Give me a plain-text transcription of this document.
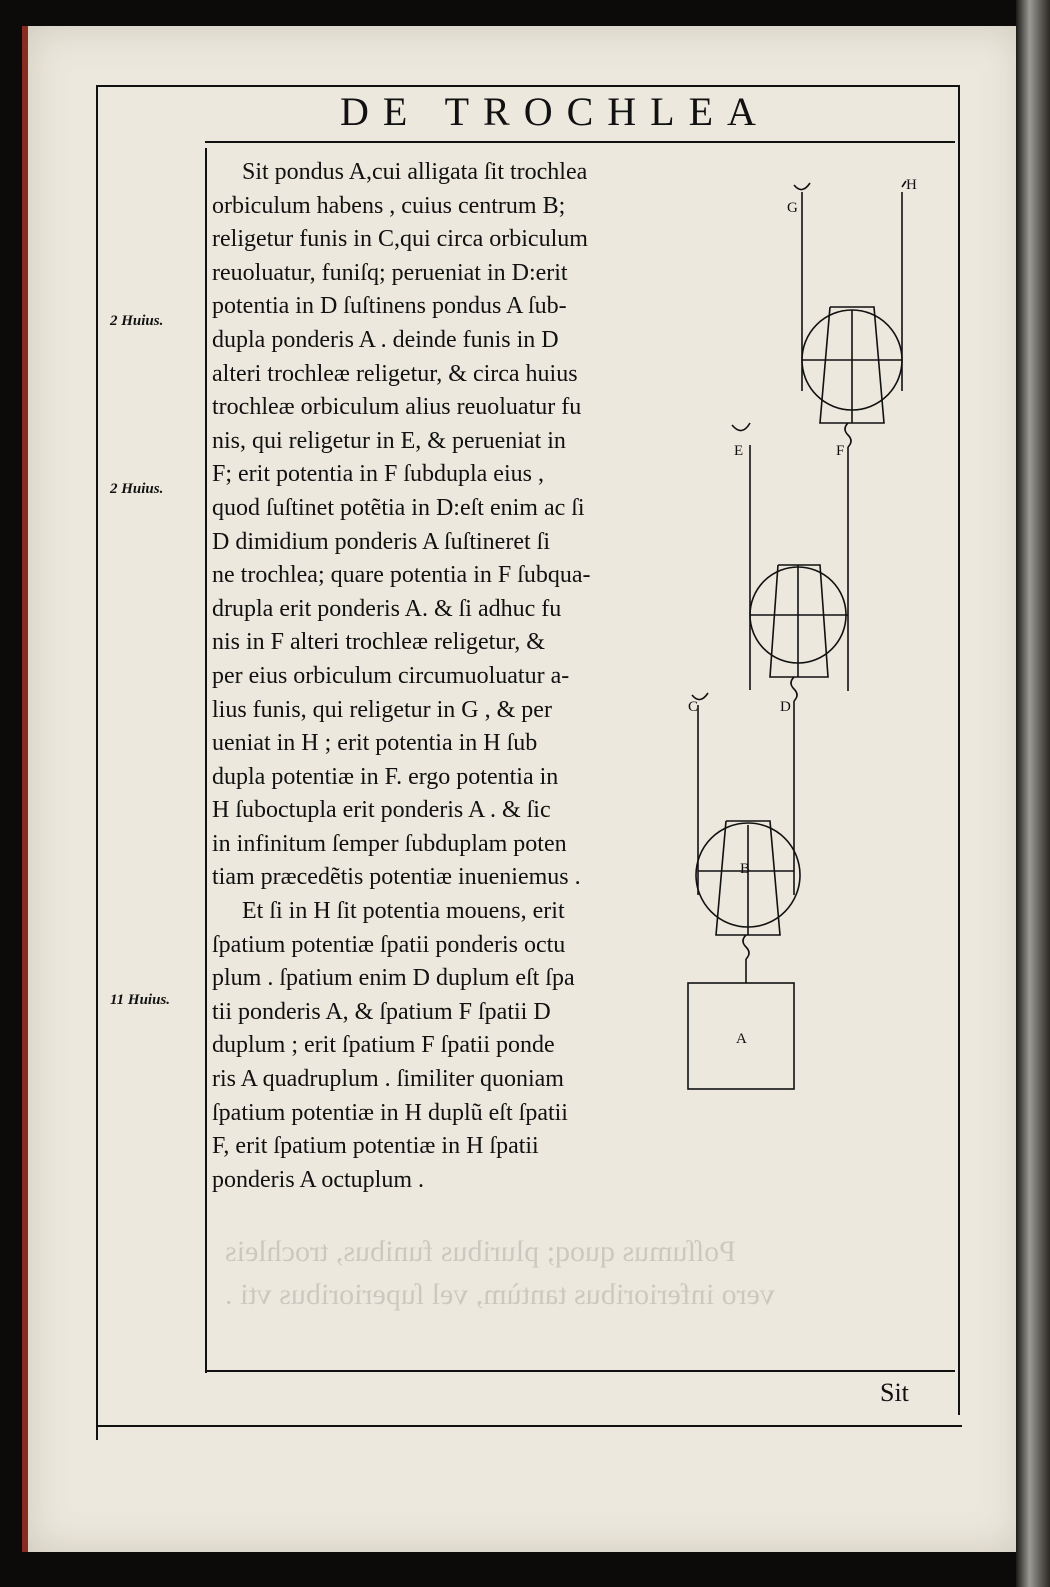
DE TROCHLEA
Poſſumus quoq; pluribus funibus, trochleis
vero inferioribus tantùm, vel ſuperioribus vti .
2 Huius.
2 Huius.
11 Huius.
Sit pondus A,cui alligata ſit trochlea
orbiculum habens , cuius centrum B;
religetur funis in C,qui circa orbiculum
reuoluatur, funiſq; perueniat in D:erit
potentia in D ſuſtinens pondus A ſub-
dupla ponderis A . deinde funis in D
alteri trochleæ religetur, & circa huius
trochleæ orbiculum alius reuoluatur fu
nis, qui religetur in E, & perueniat in
F; erit potentia in F ſubdupla eius ,
quod ſuſtinet potẽtia in D:eſt enim ac ſi
D dimidium ponderis A ſuſtineret ſi
ne trochlea; quare potentia in F ſubqua-
drupla erit ponderis A. & ſi adhuc fu
nis in F alteri trochleæ religetur, &
per eius orbiculum circumuoluatur a-
lius funis, qui religetur in G , & per
ueniat in H ; erit potentia in H ſub
dupla potentiæ in F. ergo potentia in
H ſuboctupla erit ponderis A . & ſic
in infinitum ſemper ſubduplam poten
tiam præcedẽtis potentiæ inueniemus .
Et ſi in H ſit potentia mouens, erit
ſpatium potentiæ ſpatii ponderis octu
plum . ſpatium enim D duplum eſt ſpa
tii ponderis A, & ſpatium F ſpatii D
duplum ; erit ſpatium F ſpatii ponde
ris A quadruplum . ſimiliter quoniam
ſpatium potentiæ in H duplũ eſt ſpatii
F, erit ſpatium potentiæ in H ſpatii
ponderis A octuplum .
G
H
E	F
C	D
B
A
Sit
